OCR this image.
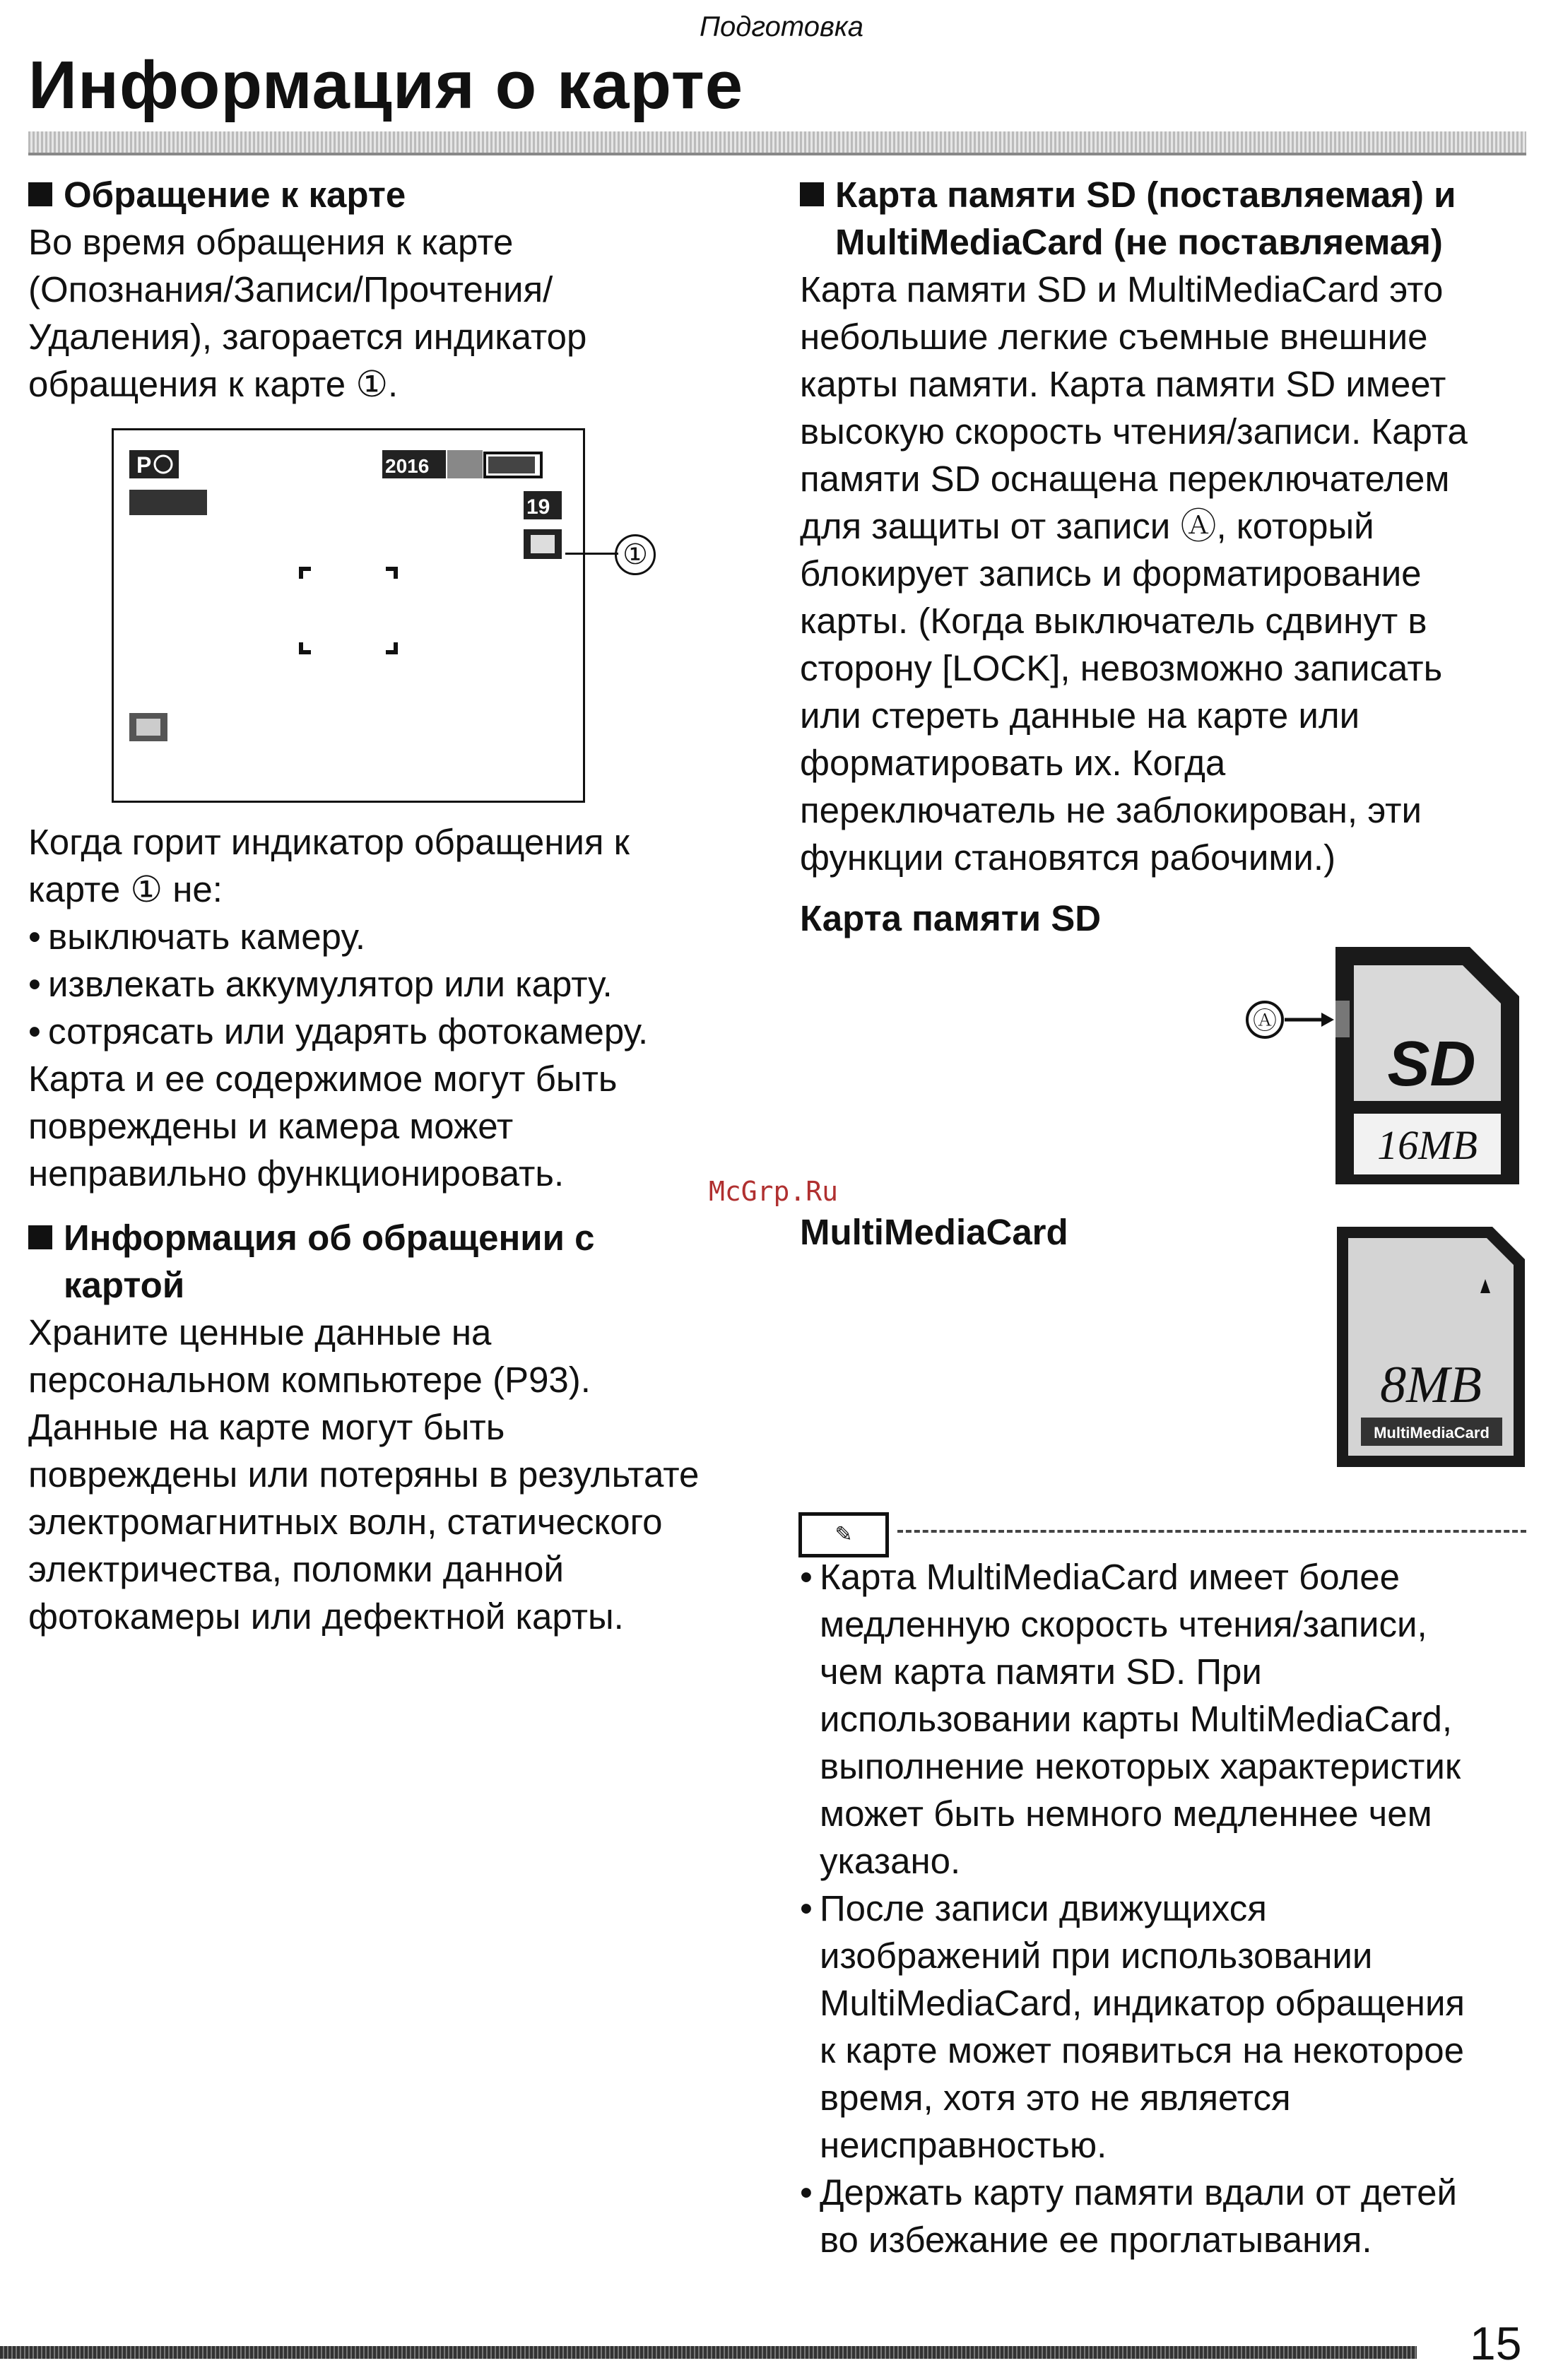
Подготовка
Информация о карте
Обращение к карте

Во время обращения к карте

(Опознания/Записи/Прочтения/

Удаления), загорается индикатор

обращения к карте ①.

P	2016
19
①

Когда горит индикатор обращения к

карте ① не:

• выключать камеру.
• извлекать аккумулятор или карту.
• сотрясать или ударять фотокамеру.

Карта и ее содержимое могут быть

повреждены и камера может

неправильно функционировать.	McGrp.Ru
Информация об обращении с
картой

Храните ценные данные на

персональном компьютере (P93).

Данные на карте могут быть

повреждены или потеряны в результате

электромагнитных волн, статического

электричества, поломки данной

фотокамеры или дефектной карты.

Карта памяти SD (поставляемая) и
MultiMediaCard (не поставляемая)

Карта памяти SD и MultiMediaCard это

небольшие легкие съемные внешние

карты памяти. Карта памяти SD имеет

высокую скорость чтения/записи. Карта

памяти SD оснащена переключателем

для защиты от записи Ⓐ, который

блокирует запись и форматирование

карты. (Когда выключатель сдвинут в

сторону [LOCK], невозможно записать

или стереть данные на карте или

форматировать их. Когда

переключатель не заблокирован, эти

функции становятся рабочими.)

Карта памяти SD
Ⓐ
SD
16MB
MultiMediaCard
8MB
MultiMediaCard
✎
• Карта MultiMediaCard имеет более
медленную скорость чтения/записи,
чем карта памяти SD. При
использовании карты MultiMediaCard,
выполнение некоторых характеристик
может быть немного медленнее чем
указано.
• После записи движущихся
изображений при использовании
MultiMediaCard, индикатор обращения
к карте может появиться на некоторое
время, хотя это не является
неисправностью.
• Держать карту памяти вдали от детей
во избежание ее проглатывания.
15
